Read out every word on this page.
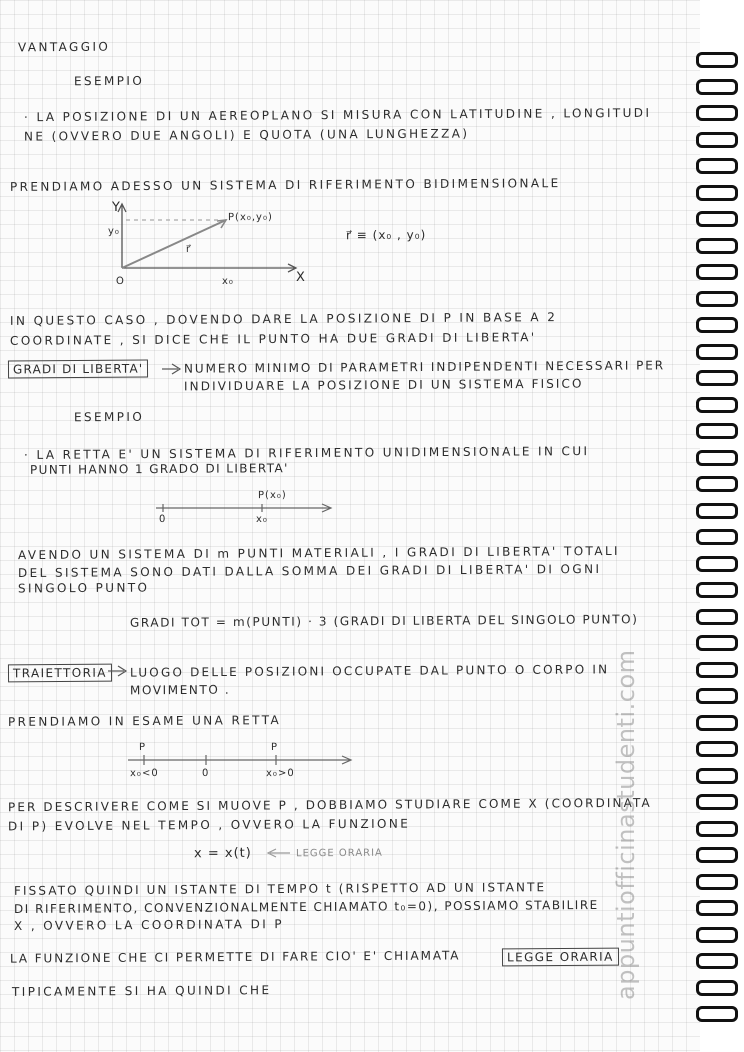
VANTAGGIO
ESEMPIO
· LA POSIZIONE DI UN AEREOPLANO SI MISURA CON LATITUDINE , LONGITUDI
NE (OVVERO DUE ANGOLI) E QUOTA (UNA LUNGHEZZA)
PRENDIAMO ADESSO UN SISTEMA DI RIFERIMENTO BIDIMENSIONALE
Y
y₀
P(x₀,y₀)
r⃗
O	x₀	X
r⃗ ≡ (x₀ , y₀)
IN QUESTO CASO , DOVENDO DARE LA POSIZIONE DI P IN BASE A 2
COORDINATE , SI DICE CHE IL PUNTO HA DUE GRADI DI LIBERTA'
GRADI DI LIBERTA'	NUMERO MINIMO DI PARAMETRI INDIPENDENTI NECESSARI PER
INDIVIDUARE LA POSIZIONE DI UN SISTEMA FISICO
ESEMPIO
· LA RETTA E' UN SISTEMA DI RIFERIMENTO UNIDIMENSIONALE IN CUI
PUNTI HANNO 1 GRADO DI LIBERTA'
P(x₀)
0	x₀
AVENDO UN SISTEMA DI m PUNTI MATERIALI , I GRADI DI LIBERTA' TOTALI
DEL SISTEMA SONO DATI DALLA SOMMA DEI GRADI DI LIBERTA' DI OGNI
SINGOLO PUNTO
GRADI TOT = m(PUNTI) · 3 (GRADI DI LIBERTA DEL SINGOLO PUNTO)
TRAIETTORIA	LUOGO DELLE POSIZIONI OCCUPATE DAL PUNTO O CORPO IN
MOVIMENTO .
PRENDIAMO IN ESAME UNA RETTA
P	P
x₀<0	0	x₀>0
PER DESCRIVERE COME SI MUOVE P , DOBBIAMO STUDIARE COME X (COORDINATA
DI P) EVOLVE NEL TEMPO , OVVERO LA FUNZIONE
x = x(t)	LEGGE ORARIA
FISSATO QUINDI UN ISTANTE DI TEMPO t (RISPETTO AD UN ISTANTE
DI RIFERIMENTO, CONVENZIONALMENTE CHIAMATO t₀=0), POSSIAMO STABILIRE
X , OVVERO LA COORDINATA DI P
LA FUNZIONE CHE CI PERMETTE DI FARE CIO' E' CHIAMATA	LEGGE ORARIA
TIPICAMENTE SI HA QUINDI CHE	appuntiofficinastudenti.com
